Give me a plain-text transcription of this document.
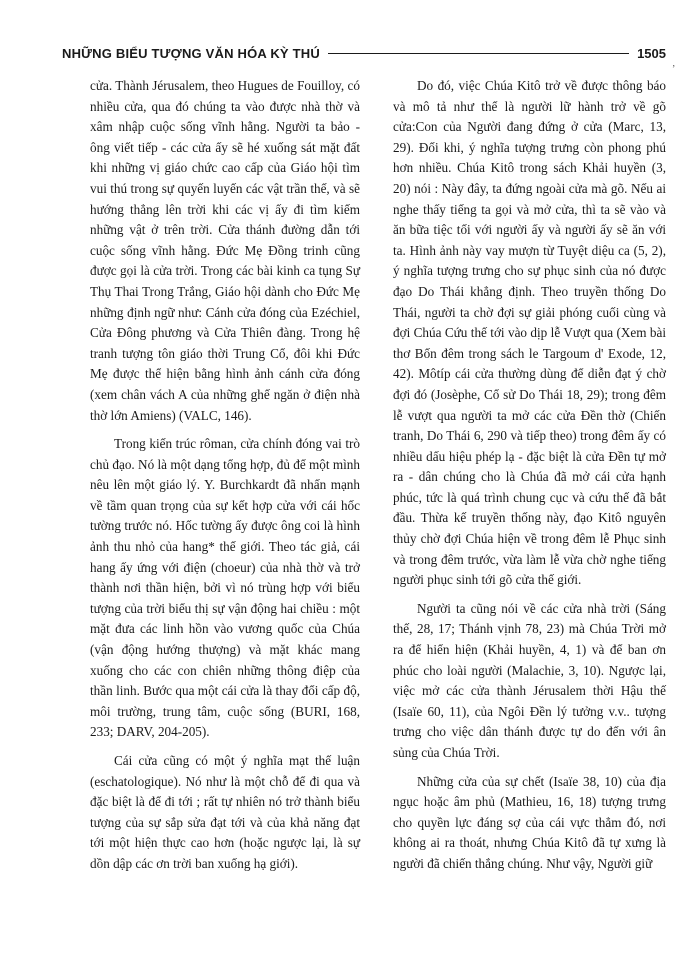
NHỮNG BIỂU TƯỢNG VĂN HÓA KỲ THÚ	1505
ʼ

cửa. Thành Jérusalem, theo Hugues de Fouilloy, có nhiều cửa, qua đó chúng ta vào được nhà thờ và xâm nhập cuộc sống vĩnh hằng. Người ta bảo - ông viết tiếp - các cửa ấy sẽ hé xuống sát mặt đất khi những vị giáo chức cao cấp của Giáo hội tìm vui thú trong sự quyến luyến các vật trần thế, và sẽ hướng thẳng lên trời khi các vị ấy đi tìm kiếm những vật ở trên trời. Cửa thánh đường dẫn tới cuộc sống vĩnh hằng. Đức Mẹ Đồng trinh cũng được gọi là cửa trời. Trong các bài kinh ca tụng Sự Thụ Thai Trong Trắng, Giáo hội dành cho Đức Mẹ những định ngữ như: Cánh cửa đóng của Ezéchiel, Cửa Đông phương và Cửa Thiên đàng. Trong hệ tranh tượng tôn giáo thời Trung Cổ, đôi khi Đức Mẹ được thể hiện bằng hình ảnh cánh cửa đóng (xem chân vách A của những ghế ngăn ở điện nhà thờ lớn Amiens) (VALC, 146).

Trong kiến trúc rôman, cửa chính đóng vai trò chủ đạo. Nó là một dạng tổng hợp, đủ để một mình nêu lên một giáo lý. Y. Burchkardt đã nhấn mạnh về tầm quan trọng của sự kết hợp cửa với cái hốc tường trước nó. Hốc tường ấy được ông coi là hình ảnh thu nhỏ của hang* thế giới. Theo tác giả, cái hang ấy ứng với điện (choeur) của nhà thờ và trở thành nơi thần hiện, bởi vì nó trùng hợp với biểu tượng của trời biểu thị sự vận động hai chiều : một mặt đưa các linh hồn vào vương quốc của Chúa (vận động hướng thượng) và mặt khác mang xuống cho các con chiên những thông điệp của thần linh. Bước qua một cái cửa là thay đổi cấp độ, môi trường, trung tâm, cuộc sống (BURI, 168, 233; DARV, 204-205).

Cái cửa cũng có một ý nghĩa mạt thế luận (eschatologique). Nó như là một chỗ để đi qua và đặc biệt là để đi tới ; rất tự nhiên nó trở thành biểu tượng của sự sắp sửa đạt tới và của khả năng đạt tới một hiện thực cao hơn (hoặc ngược lại, là sự dồn dập các ơn trời ban xuống hạ giới).

Do đó, việc Chúa Kitô trở về được thông báo và mô tả như thể là người lữ hành trở về gõ cửa:Con của Người đang đứng ở cửa (Marc, 13, 29). Đối khi, ý nghĩa tượng trưng còn phong phú hơn nhiều. Chúa Kitô trong sách Khải huyền (3, 20) nói : Này đây, ta đứng ngoài cửa mà gõ. Nếu ai nghe thấy tiếng ta gọi và mở cửa, thì ta sẽ vào và ăn bữa tiệc tối với người ấy và người ấy sẽ ăn với ta. Hình ảnh này vay mượn từ Tuyệt diệu ca (5, 2), ý nghĩa tượng trưng cho sự phục sinh của nó được đạo Do Thái khẳng định. Theo truyền thống Do Thái, người ta chờ đợi sự giải phóng cuối cùng và đợi Chúa Cứu thế tới vào dịp lễ Vượt qua (Xem bài thơ Bốn đêm trong sách le Targoum d' Exode, 12, 42). Môtíp cái cửa thường dùng để diễn đạt ý chờ đợi đó (Josèphe, Cổ sử Do Thái 18, 29); trong đêm lễ vượt qua người ta mở các cửa Đền thờ (Chiến tranh, Do Thái 6, 290 và tiếp theo) trong đêm ấy có nhiều dấu hiệu phép lạ - đặc biệt là cửa Đền tự mở ra - dân chúng cho là Chúa đã mở cái cửa hạnh phúc, tức là quá trình chung cục và cứu thế đã bắt đầu. Thừa kế truyền thống này, đạo Kitô nguyên thủy chờ đợi Chúa hiện về trong đêm lễ Phục sinh và trong đêm trước, vừa làm lễ vừa chờ nghe tiếng người phục sinh tới gõ cửa thế giới.

Người ta cũng nói về các cửa nhà trời (Sáng thế, 28, 17; Thánh vịnh 78, 23) mà Chúa Trời mở ra để hiển hiện (Khải huyền, 4, 1) và để ban ơn phúc cho loài người (Malachie, 3, 10). Ngược lại, việc mở các cửa thành Jérusalem thời Hậu thế (Isaïe 60, 11), của Ngôi Đền lý tưởng v.v.. tượng trưng cho việc dân thánh được tự do đến với ân sủng của Chúa Trời.

Những cửa của sự chết (Isaïe 38, 10) của địa ngục hoặc âm phủ (Mathieu, 16, 18) tượng trưng cho quyền lực đáng sợ của cái vực thẳm đó, nơi không ai ra thoát, nhưng Chúa Kitô đã tự xưng là người đã chiến thắng chúng. Như vậy, Người giữ
